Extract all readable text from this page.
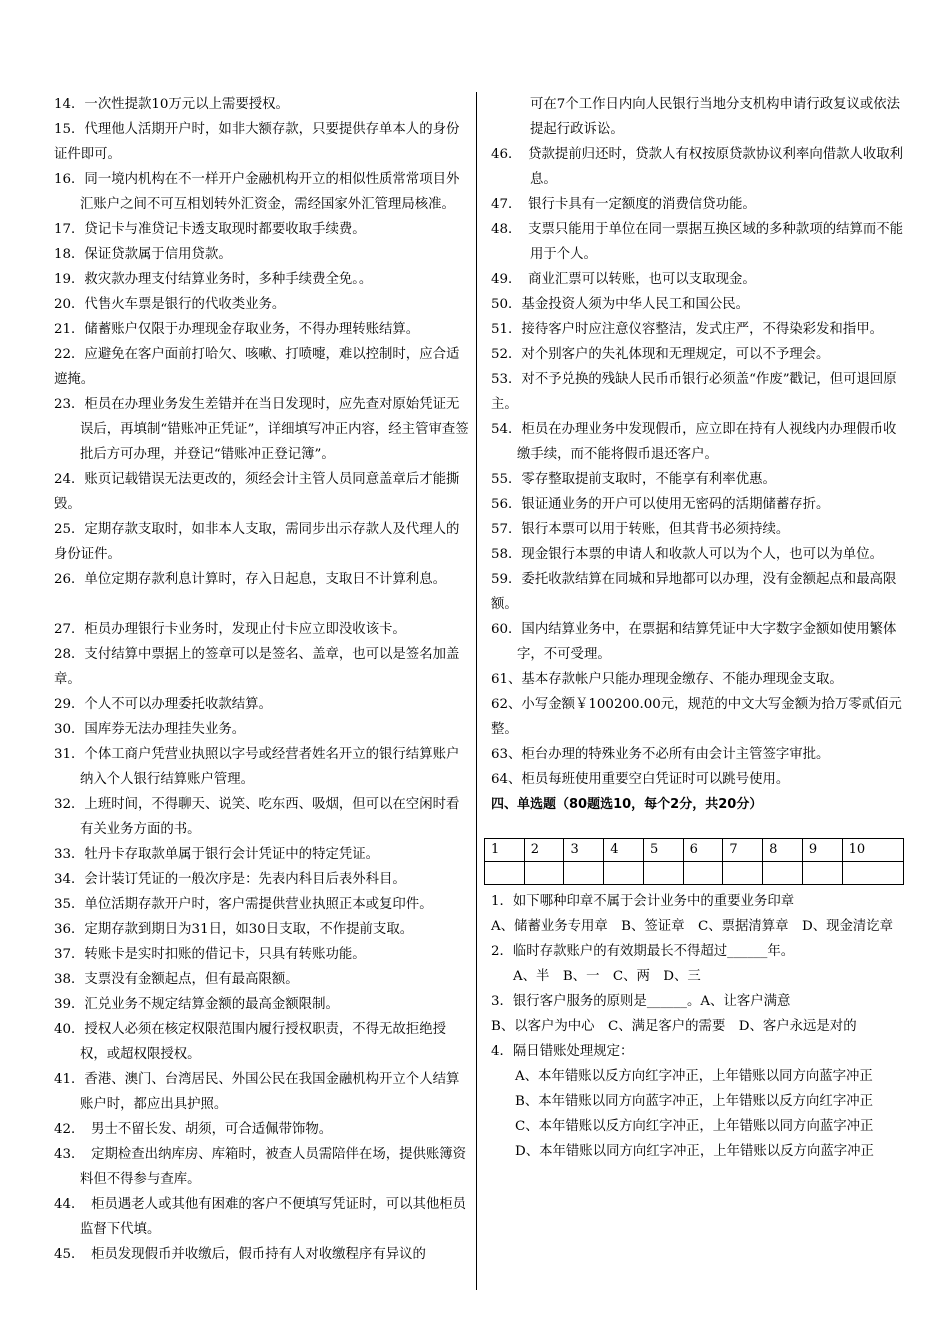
14．一次性提款10万元以上需要授权。
15．代理他人活期开户时，如非大额存款，只要提供存单本人的身份证件即可。
16．同一境内机构在不一样开户金融机构开立的相似性质常常项目外汇账户之间不可互相划转外汇资金，需经国家外汇管理局核准。
17．贷记卡与准贷记卡透支取现时都要收取手续费。
18．保证贷款属于信用贷款。
19．救灾款办理支付结算业务时，多种手续费全免。。
20．代售火车票是银行的代收类业务。
21．储蓄账户仅限于办理现金存取业务，不得办理转账结算。
22．应避免在客户面前打哈欠、咳嗽、打喷嚏，难以控制时，应合适遮掩。
23．柜员在办理业务发生差错并在当日发现时，应先查对原始凭证无误后，再填制“错账冲正凭证”，详细填写冲正内容，经主管审查签批后方可办理，并登记“错账冲正登记簿”。
24．账页记载错误无法更改的，须经会计主管人员同意盖章后才能撕毁。
25．定期存款支取时，如非本人支取，需同步出示存款人及代理人的身份证件。
26．单位定期存款利息计算时，存入日起息，支取日不计算利息。
27．柜员办理银行卡业务时，发现止付卡应立即没收该卡。
28．支付结算中票据上的签章可以是签名、盖章，也可以是签名加盖章。
29．个人不可以办理委托收款结算。
30．国库券无法办理挂失业务。
31．个体工商户凭营业执照以字号或经营者姓名开立的银行结算账户纳入个人银行结算账户管理。
32．上班时间，不得聊天、说笑、吃东西、吸烟，但可以在空闲时看有关业务方面的书。
33．牡丹卡存取款单属于银行会计凭证中的特定凭证。
34．会计装订凭证的一般次序是：先表内科目后表外科目。
35．单位活期存款开户时，客户需提供营业执照正本或复印件。
36．定期存款到期日为31日，如30日支取，不作提前支取。
37．转账卡是实时扣账的借记卡，只具有转账功能。
38．支票没有金额起点，但有最高限额。
39．汇兑业务不规定结算金额的最高金额限制。
40．授权人必须在核定权限范围内履行授权职责，不得无故拒绝授权，或超权限授权。
41．香港、澳门、台湾居民、外国公民在我国金融机构开立个人结算账户时，都应出具护照。
42．　男士不留长发、胡须，可合适佩带饰物。
43．　定期检查出纳库房、库箱时，被查人员需陪伴在场，提供账簿资料但不得参与查库。
44．　柜员遇老人或其他有困难的客户不便填写凭证时，可以其他柜员监督下代填。
45．　柜员发现假币并收缴后，假币持有人对收缴程序有异议的
可在7个工作日内向人民银行当地分支机构申请行政复议或依法提起行政诉讼。
46．　贷款提前归还时，贷款人有权按原贷款协议利率向借款人收取利息。
47．　银行卡具有一定额度的消费信贷功能。
48．　支票只能用于单位在同一票据互换区域的多种款项的结算而不能用于个人。
49．　商业汇票可以转账，也可以支取现金。
50．基金投资人须为中华人民工和国公民。
51．接待客户时应注意仪容整洁，发式庄严，不得染彩发和指甲。
52．对个别客户的失礼体现和无理规定，可以不予理会。
53．对不予兑换的残缺人民币币银行必须盖“作废”戳记，但可退回原主。
54．柜员在办理业务中发现假币，应立即在持有人视线内办理假币收缴手续，而不能将假币退还客户。
55．零存整取提前支取时，不能享有利率优惠。
56．银证通业务的开户可以使用无密码的活期储蓄存折。
57．银行本票可以用于转账，但其背书必须持续。
58．现金银行本票的申请人和收款人可以为个人，也可以为单位。
59．委托收款结算在同城和异地都可以办理，没有金额起点和最高限额。
60．国内结算业务中，在票据和结算凭证中大字数字金额如使用繁体字，不可受理。
61、基本存款帐户只能办理现金缴存、不能办理现金支取。
62、小写金额￥100200.00元，规范的中文大写金额为拾万零贰佰元整。
63、柜台办理的特殊业务不必所有由会计主管签字审批。
64、柜员每班使用重要空白凭证时可以跳号使用。
四、单选题（80题选10，每个2分，共20分）
1	2	3	4	5	6	7	8	9	10

1．如下哪种印章不属于会计业务中的重要业务印章
A、储蓄业务专用章　B、签证章　C、票据清算章　D、现金清讫章
2．临时存款账户的有效期最长不得超过______年。
A、半　B、一　C、两　D、三
3．银行客户服务的原则是______。A、让客户满意
B、以客户为中心　C、满足客户的需要　D、客户永远是对的
4．隔日错账处理规定：
A、本年错账以反方向红字冲正，上年错账以同方向蓝字冲正
B、本年错账以同方向蓝字冲正，上年错账以反方向红字冲正
C、本年错账以反方向红字冲正，上年错账以同方向蓝字冲正
D、本年错账以同方向红字冲正，上年错账以反方向蓝字冲正
